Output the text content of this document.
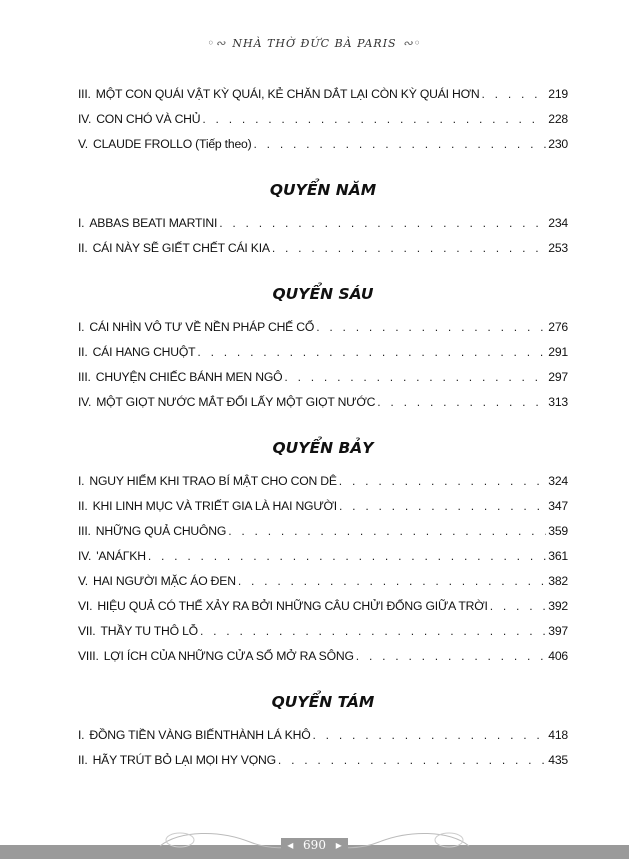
◦∾ NHÀ THỜ ĐỨC BÀ PARIS ∾◦
III. MỘT CON QUÁI VẬT KỲ QUÁI, KẺ CHĂN DẮT LẠI CÒN KỲ QUÁI HƠN . . .	219
IV. CON CHÓ VÀ CHỦ . . .	228
V. CLAUDE FROLLO (Tiếp theo) . . .	230
QUYỂN NĂM
I. ABBAS BEATI MARTINI . . .	234
II. CÁI NÀY SẼ GIẾT CHẾT CÁI KIA . . .	253
QUYỂN SÁU
I. CÁI NHÌN VÔ TƯ VỀ NỀN PHÁP CHẾ CỔ . . .	276
II. CÁI HANG CHUỘT . . .	291
III. CHUYỆN CHIẾC BÁNH MEN NGÔ . . .	297
IV. MỘT GIỌT NƯỚC MẮT ĐỔI LẤY MỘT GIỌT NƯỚC . . .	313
QUYỂN BẢY
I. NGUY HIỂM KHI TRAO BÍ MẬT CHO CON DÊ . . .	324
II. KHI LINH MỤC VÀ TRIẾT GIA LÀ HAI NGƯỜI . . .	347
III. NHỮNG QUẢ CHUÔNG . . .	359
IV. 'ANÁΓKH . . .	361
V. HAI NGƯỜI MẶC ÁO ĐEN . . .	382
VI. HIỆU QUẢ CÓ THỂ XẢY RA BỞI NHỮNG CÂU CHỬI ĐỔNG GIỮA TRỜI . . .	392
VII. THẦY TU THÔ LỖ . . .	397
VIII. LỢI ÍCH CỦA NHỮNG CỬA SỔ MỞ RA SÔNG . . .	406
QUYỂN TÁM
I. ĐỒNG TIỀN VÀNG BIẾNTHÀNH LÁ KHÔ . . .	418
II. HÃY TRÚT BỎ LẠI MỌI HY VỌNG . . .	435
◂ 690 ▸
